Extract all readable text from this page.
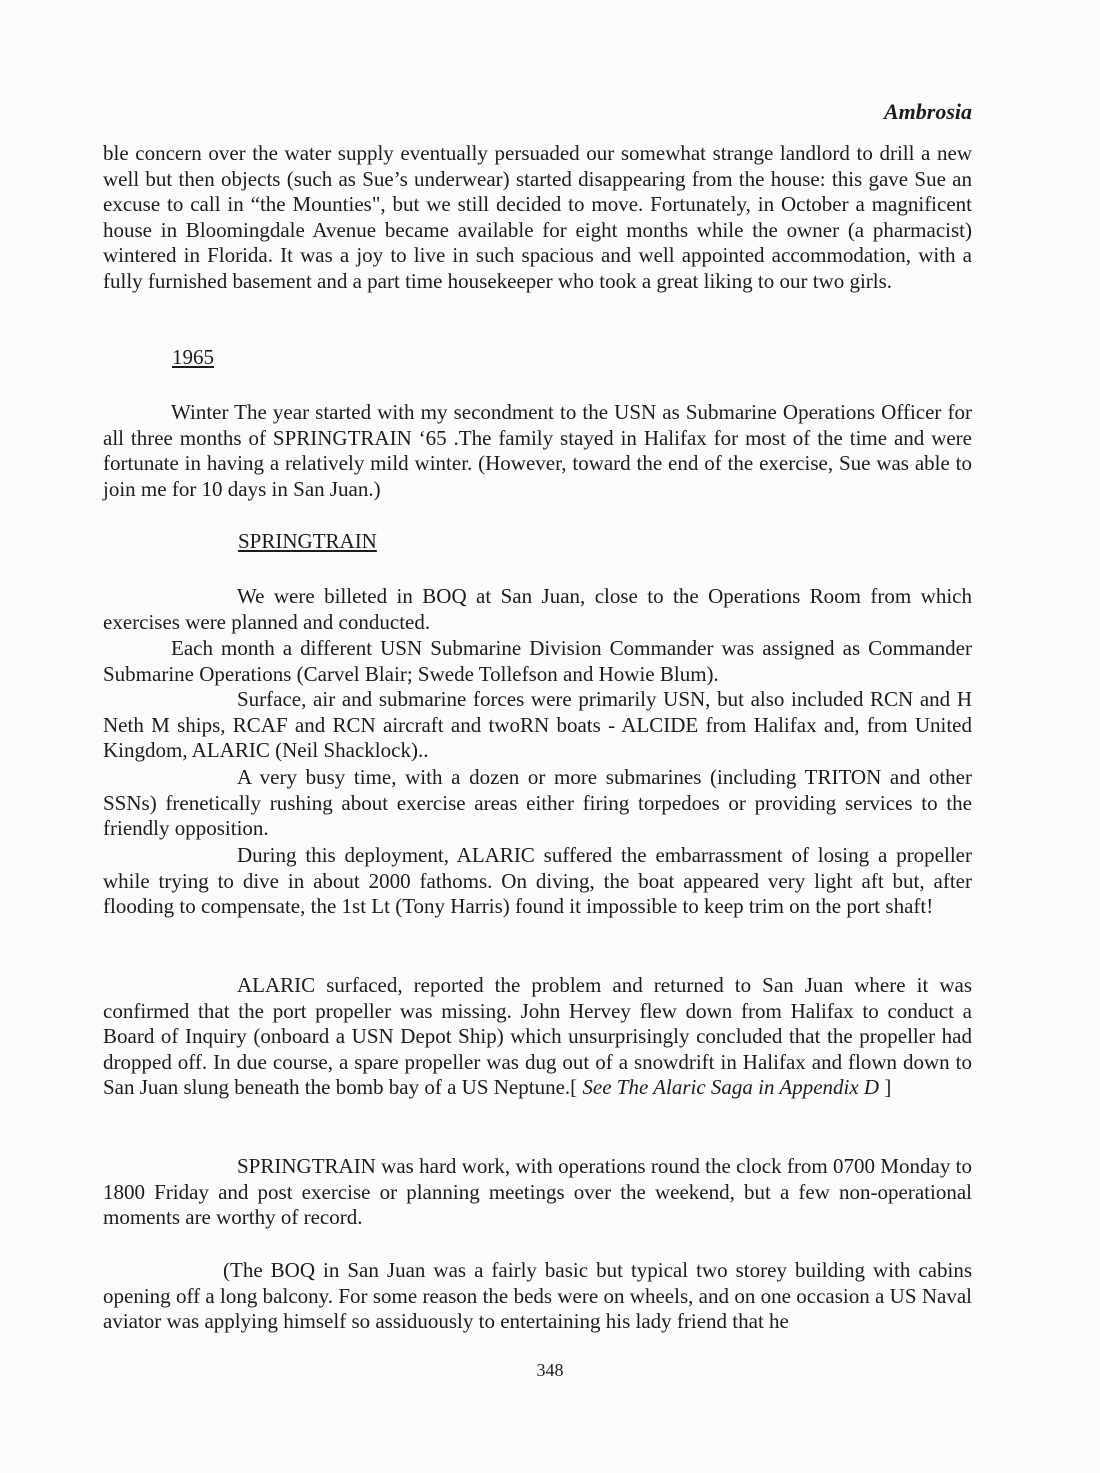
Ambrosia

ble concern over the water supply eventually persuaded our somewhat strange landlord to drill a new well but then objects (such as Sue’s underwear) started disappearing from the house: this gave Sue an excuse to call in “the Mounties", but we still decided to move. Fortunately, in October a magnificent house in Bloomingdale Avenue became available for eight months while the owner (a pharmacist) wintered in Florida. It was a joy to live in such spacious and well appointed accommodation, with a fully furnished basement and a part time housekeeper who took a great liking to our two girls.

1965

Winter The year started with my secondment to the USN as Submarine Operations Officer for all three months of SPRINGTRAIN ‘65 .The family stayed in Halifax for most of the time and were fortunate in having a relatively mild winter. (However, toward the end of the exercise, Sue was able to join me for 10 days in San Juan.)

SPRINGTRAIN

We were billeted in BOQ at San Juan, close to the Operations Room from which exercises were planned and conducted.

Each month a different USN Submarine Division Commander was assigned as Commander Submarine Operations (Carvel Blair; Swede Tollefson and Howie Blum).

Surface, air and submarine forces were primarily USN, but also included RCN and H Neth M ships, RCAF and RCN aircraft and twoRN boats - ALCIDE from Halifax and, from United Kingdom, ALARIC (Neil Shacklock)..

A very busy time, with a dozen or more submarines (including TRITON and other SSNs) frenetically rushing about exercise areas either firing torpedoes or providing services to the friendly opposition.

During this deployment, ALARIC suffered the embarrassment of losing a propeller while trying to dive in about 2000 fathoms. On diving, the boat appeared very light aft but, after flooding to compensate, the 1st Lt (Tony Harris) found it impossible to keep trim on the port shaft!

ALARIC surfaced, reported the problem and returned to San Juan where it was confirmed that the port propeller was missing. John Hervey flew down from Halifax to conduct a Board of Inquiry (onboard a USN Depot Ship) which unsurprisingly concluded that the propeller had dropped off. In due course, a spare propeller was dug out of a snowdrift in Halifax and flown down to San Juan slung beneath the bomb bay of a US Neptune.[ See The Alaric Saga in Appendix D ]

SPRINGTRAIN was hard work, with operations round the clock from 0700 Monday to 1800 Friday and post exercise or planning meetings over the weekend, but a few non-operational moments are worthy of record.

(The BOQ in San Juan was a fairly basic but typical two storey building with cabins opening off a long balcony. For some reason the beds were on wheels, and on one occasion a US Naval aviator was applying himself so assiduously to entertaining his lady friend that he

348
